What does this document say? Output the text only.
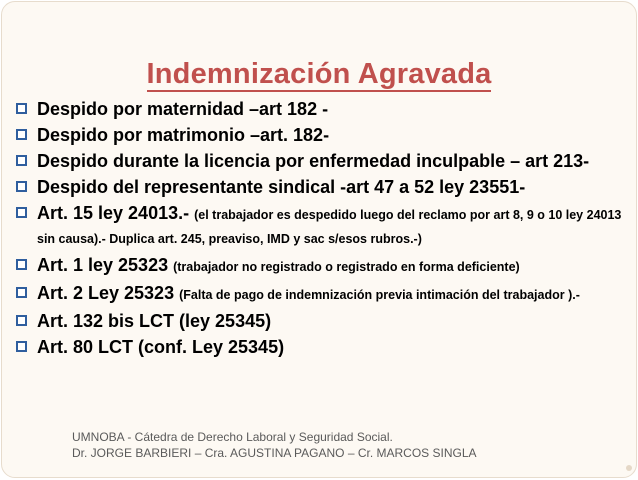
Indemnización Agravada
Despido por maternidad –art 182 -
Despido por matrimonio –art. 182-
Despido durante la licencia por enfermedad inculpable – art 213-
Despido del representante sindical -art 47 a 52 ley 23551-
Art. 15 ley 24013.- (el trabajador es despedido luego del reclamo por art 8, 9 o 10 ley 24013 sin causa).- Duplica art. 245, preaviso, IMD y sac s/esos rubros.-)
Art. 1 ley 25323 (trabajador no registrado o registrado en forma deficiente)
Art. 2 Ley 25323 (Falta de pago de indemnización previa intimación del trabajador ).-
Art. 132 bis LCT (ley 25345)
Art. 80 LCT (conf. Ley 25345)
UMNOBA - Cátedra de Derecho Laboral y Seguridad Social.
Dr. JORGE BARBIERI – Cra. AGUSTINA PAGANO – Cr. MARCOS SINGLA
